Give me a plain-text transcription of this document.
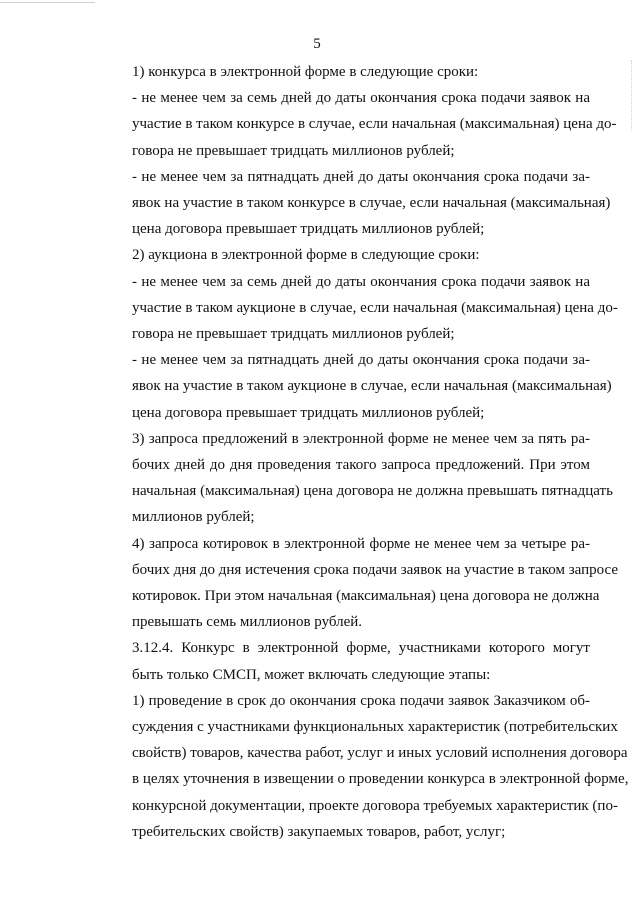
5
1) конкурса в электронной форме в следующие сроки:
- не менее чем за семь дней до даты окончания срока подачи заявок на
участие в таком конкурсе в случае, если начальная (максимальная) цена до-
говора не превышает тридцать миллионов рублей;
- не менее чем за пятнадцать дней до даты окончания срока подачи за-
явок на участие в таком конкурсе в случае, если начальная (максимальная)
цена договора превышает тридцать миллионов рублей;
2) аукциона в электронной форме в следующие сроки:
- не менее чем за семь дней до даты окончания срока подачи заявок на
участие в таком аукционе в случае, если начальная (максимальная) цена до-
говора не превышает тридцать миллионов рублей;
- не менее чем за пятнадцать дней до даты окончания срока подачи за-
явок на участие в таком аукционе в случае, если начальная (максимальная)
цена договора превышает тридцать миллионов рублей;
3) запроса предложений в электронной форме не менее чем за пять ра-
бочих дней до дня проведения такого запроса предложений. При этом
начальная (максимальная) цена договора не должна превышать пятнадцать
миллионов рублей;
4) запроса котировок в электронной форме не менее чем за четыре ра-
бочих дня до дня истечения срока подачи заявок на участие в таком запросе
котировок. При этом начальная (максимальная) цена договора не должна
превышать семь миллионов рублей.
3.12.4. Конкурс в электронной форме, участниками которого могут
быть только СМСП, может включать следующие этапы:
1) проведение в срок до окончания срока подачи заявок Заказчиком об-
суждения с участниками функциональных характеристик (потребительских
свойств) товаров, качества работ, услуг и иных условий исполнения договора
в целях уточнения в извещении о проведении конкурса в электронной форме,
конкурсной документации, проекте договора требуемых характеристик (по-
требительских свойств) закупаемых товаров, работ, услуг;
